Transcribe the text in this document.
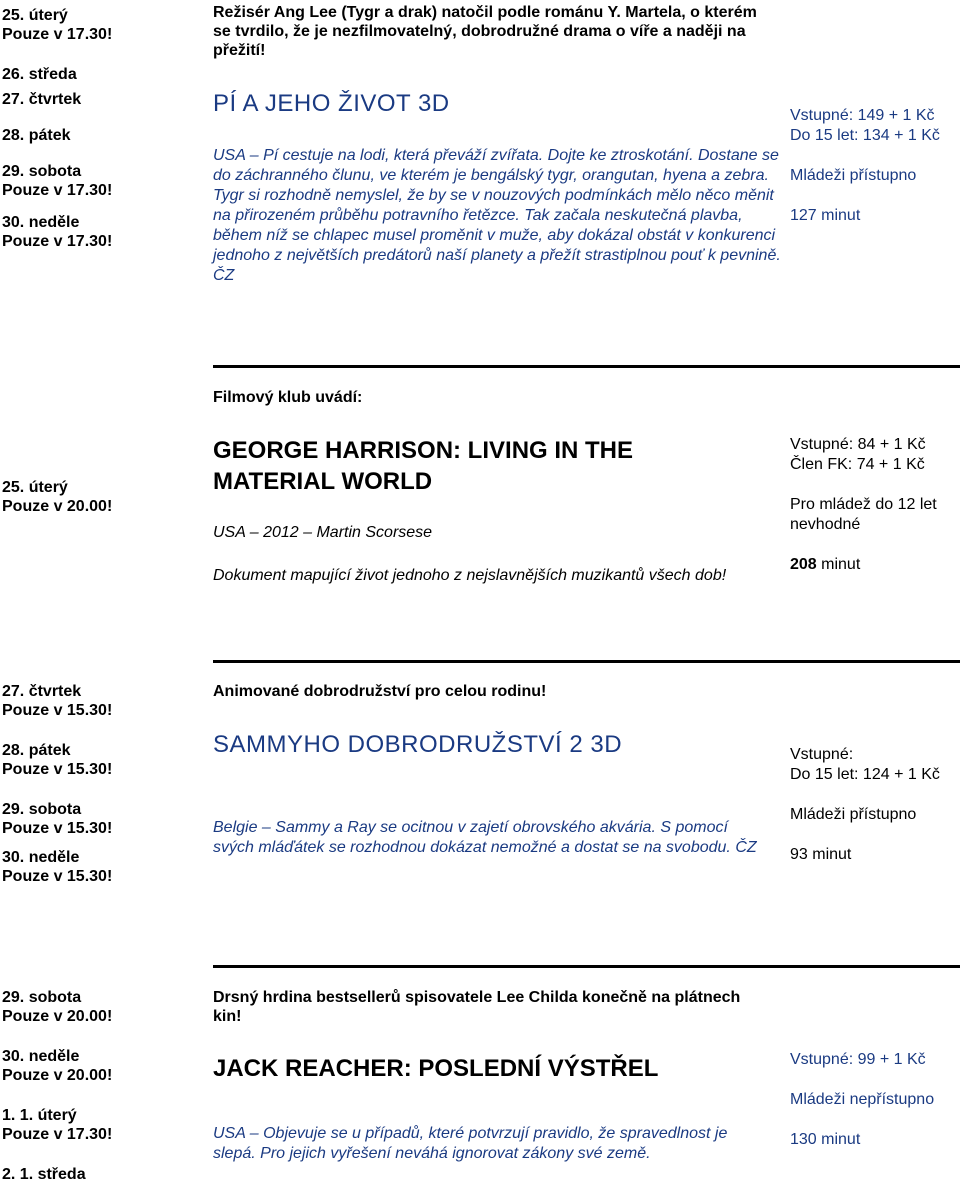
25. úterý

Pouze v 17.30!

26. středa

27. čtvrtek

28. pátek

29. sobota

Pouze v 17.30!

30. neděle

Pouze v 17.30!

Režisér Ang Lee (Tygr a drak) natočil podle románu Y. Martela, o kterém se tvrdilo, že je nezfilmovatelný, dobrodružné drama o víře a naději na přežití!
PÍ A JEHO ŽIVOT 3D
USA – Pí cestuje na lodi, která převáží zvířata. Dojte ke ztroskotání. Dostane se do záchranného člunu, ve kterém je bengálský tygr, orangutan, hyena a zebra. Tygr si rozhodně nemyslel, že by se v nouzových podmínkách mělo něco měnit na přirozeném průběhu potravního řetězce. Tak začala neskutečná plavba, během níž se chlapec musel proměnit v muže, aby dokázal obstát v konkurenci jednoho z největších predátorů naší planety a přežít strastiplnou pouť k pevnině. ČZ

Vstupné: 149 + 1 Kč

Do 15 let: 134 + 1 Kč

Mládeži přístupno

127 minut

Filmový klub uvádí:

25. úterý

Pouze v 20.00!

GEORGE HARRISON: LIVING IN THE MATERIAL WORLD
USA – 2012 – Martin Scorsese
Dokument mapující život jednoho z nejslavnějších muzikantů všech dob!

Vstupné: 84 + 1 Kč

Člen FK: 74 + 1 Kč

Pro mládež do 12 let nevhodné

208 minut

27. čtvrtek

Pouze v 15.30!

28. pátek

Pouze v 15.30!

29. sobota

Pouze v 15.30!

30. neděle

Pouze v 15.30!

Animované dobrodružství pro celou rodinu!
SAMMYHO DOBRODRUŽSTVÍ 2 3D
Belgie – Sammy a Ray se ocitnou v zajetí obrovského akvária. S pomocí svých mláďátek se rozhodnou dokázat nemožné a dostat se na svobodu. ČZ

Vstupné:

Do 15 let: 124 + 1 Kč

Mládeži přístupno

93 minut

29. sobota

Pouze v 20.00!

30. neděle

Pouze v 20.00!

1. 1. úterý

Pouze v 17.30!

2. 1. středa

Drsný hrdina bestsellerů spisovatele Lee Childa konečně na plátnech kin!
JACK REACHER: POSLEDNÍ VÝSTŘEL
USA – Objevuje se u případů, které potvrzují pravidlo, že spravedlnost je slepá. Pro jejich vyřešení neváhá ignorovat zákony své země.

Vstupné: 99 + 1 Kč

Mládeži nepřístupno

130 minut
